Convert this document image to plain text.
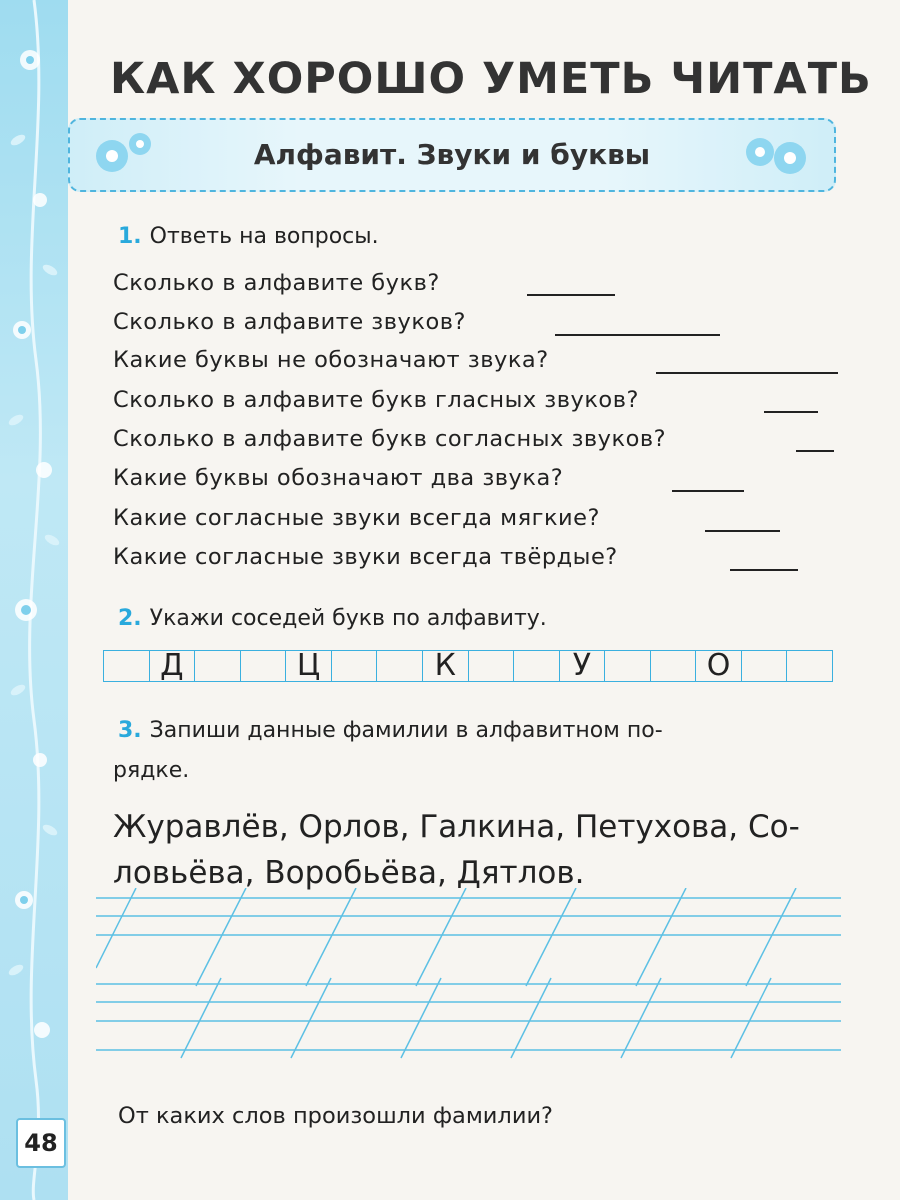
48
КАК ХОРОШО УМЕТЬ ЧИТАТЬ
Алфавит. Звуки и буквы
1. Ответь на вопросы.
Сколько в алфавите букв?
Сколько в алфавите звуков?
Какие буквы не обозначают звука?
Сколько в алфавите букв гласных звуков?
Сколько в алфавите букв согласных звуков?
Какие буквы обозначают два звука?
Какие согласные звуки всегда мягкие?
Какие согласные звуки всегда твёрдые?
2. Укажи соседей букв по алфавиту.
Д	Ц	К	У	О
3. Запиши данные фамилии в алфавитном по-
рядке.
Журавлёв, Орлов, Галкина, Петухова, Со-
ловьёва, Воробьёва, Дятлов.
От каких слов произошли фамилии?
